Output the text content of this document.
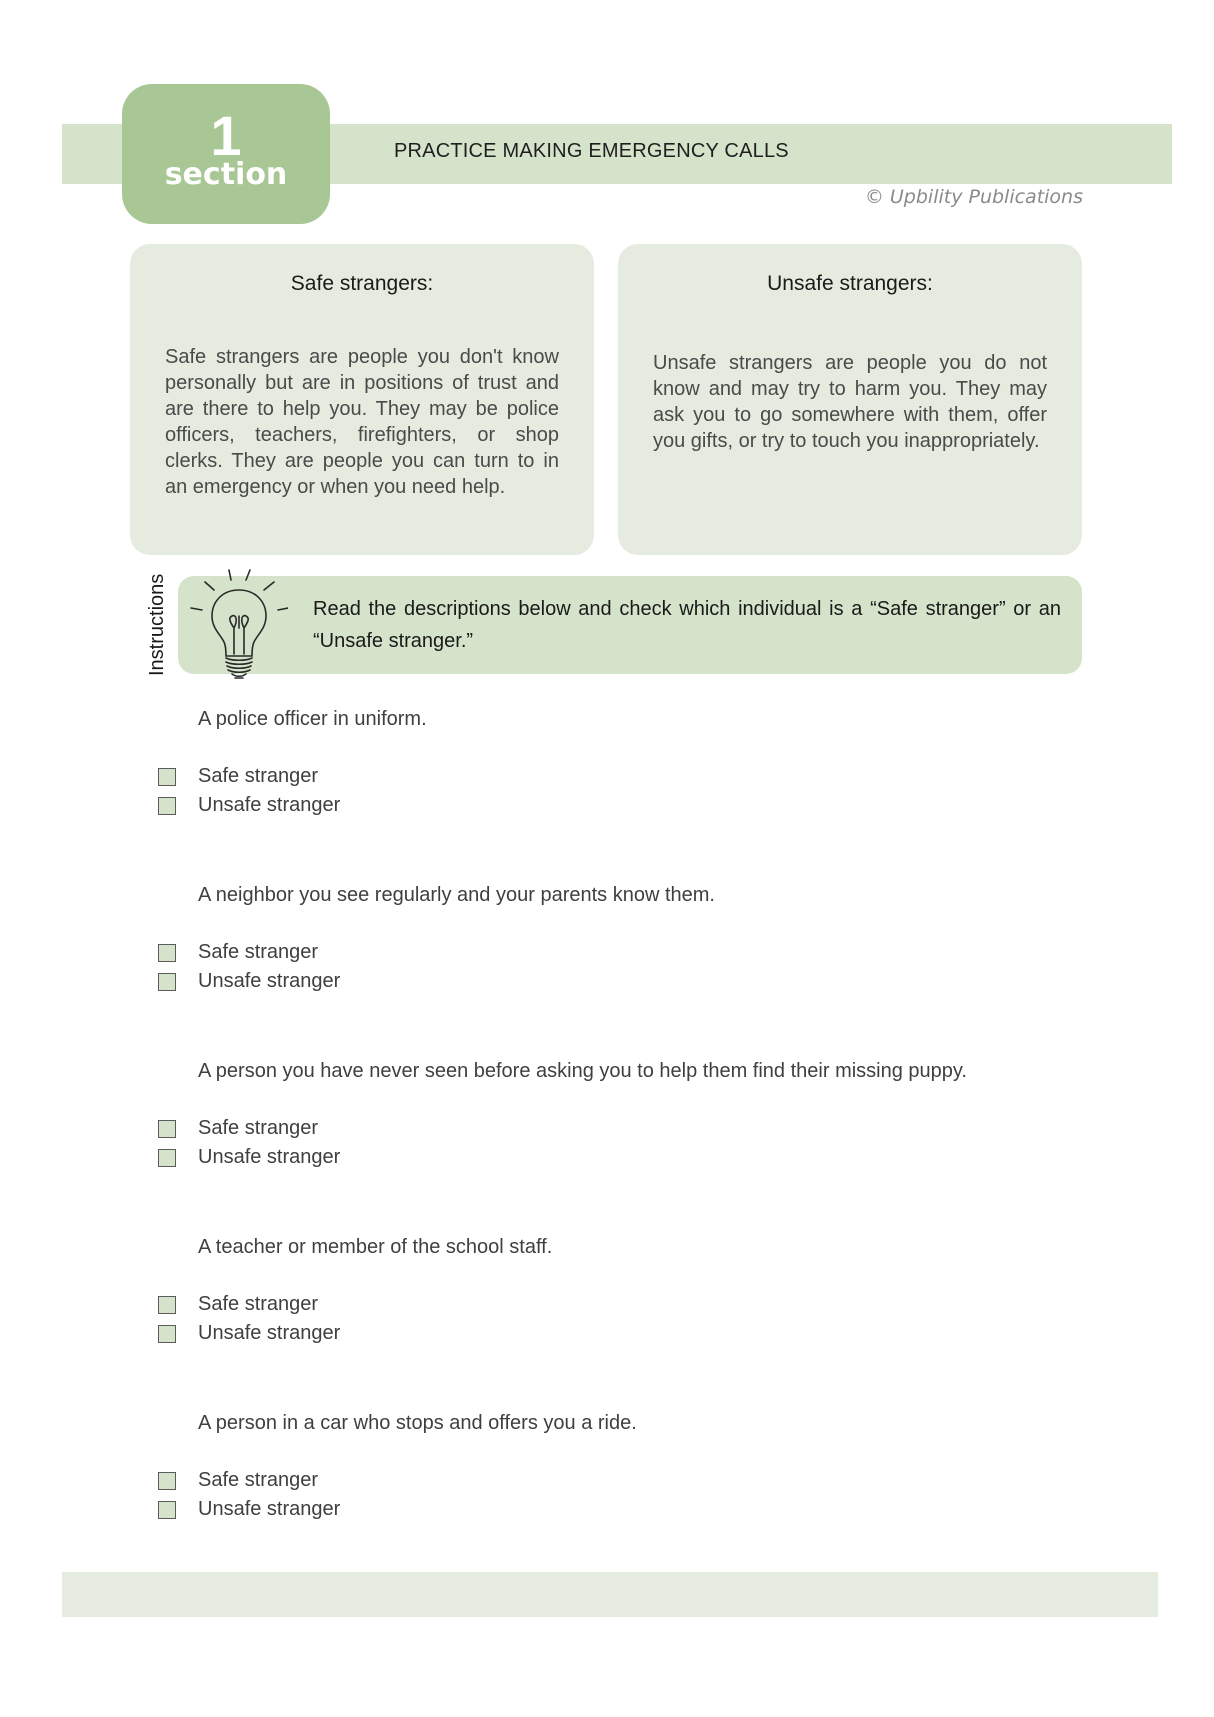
1
section
PRACTICE MAKING EMERGENCY CALLS
© Upbility Publications
Safe strangers:
Safe strangers are people you don't know personally but are in positions of trust and are there to help you. They may be police officers, teachers, firefighters, or shop clerks. They are people you can turn to in an emergency or when you need help.
Unsafe strangers:
Unsafe strangers are people you do not know and may try to harm you. They may ask you to go somewhere with them, offer you gifts, or try to touch you inappropriately.
Instructions	Read the descriptions below and check which individual is a “Safe stranger” or an “Unsafe stranger.”
A police officer in uniform.
Safe stranger
Unsafe stranger
A neighbor you see regularly and your parents know them.
Safe stranger
Unsafe stranger
A person you have never seen before asking you to help them find their missing puppy.
Safe stranger
Unsafe stranger
A teacher or member of the school staff.
Safe stranger
Unsafe stranger
A person in a car who stops and offers you a ride.
Safe stranger
Unsafe stranger
